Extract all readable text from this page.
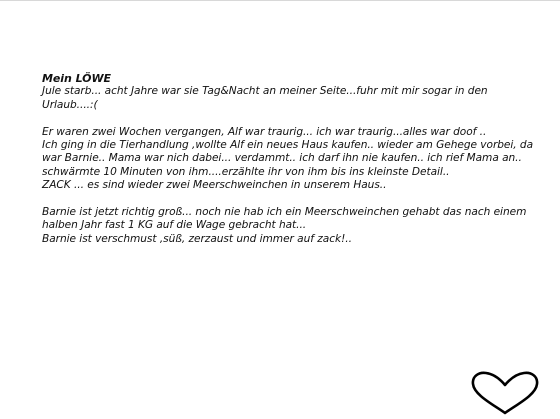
Mein LÖWE
Jule starb... acht Jahre war sie Tag&Nacht an meiner Seite...fuhr mit mir sogar in den
Urlaub....:(
Er waren zwei Wochen vergangen, Alf war traurig... ich war traurig...alles war doof ..
Ich ging in die Tierhandlung ,wollte Alf ein neues Haus kaufen.. wieder am Gehege vorbei, da
war Barnie.. Mama war nich dabei... verdammt.. ich darf ihn nie kaufen.. ich rief Mama an..
schwärmte 10 Minuten von ihm....erzählte ihr von ihm bis ins kleinste Detail..
ZACK ... es sind wieder zwei Meerschweinchen in unserem Haus..
Barnie ist jetzt richtig groß... noch nie hab ich ein Meerschweinchen gehabt das nach einem
halben Jahr fast 1 KG auf die Wage gebracht hat...
Barnie ist verschmust ,süß, zerzaust und immer auf zack!..
